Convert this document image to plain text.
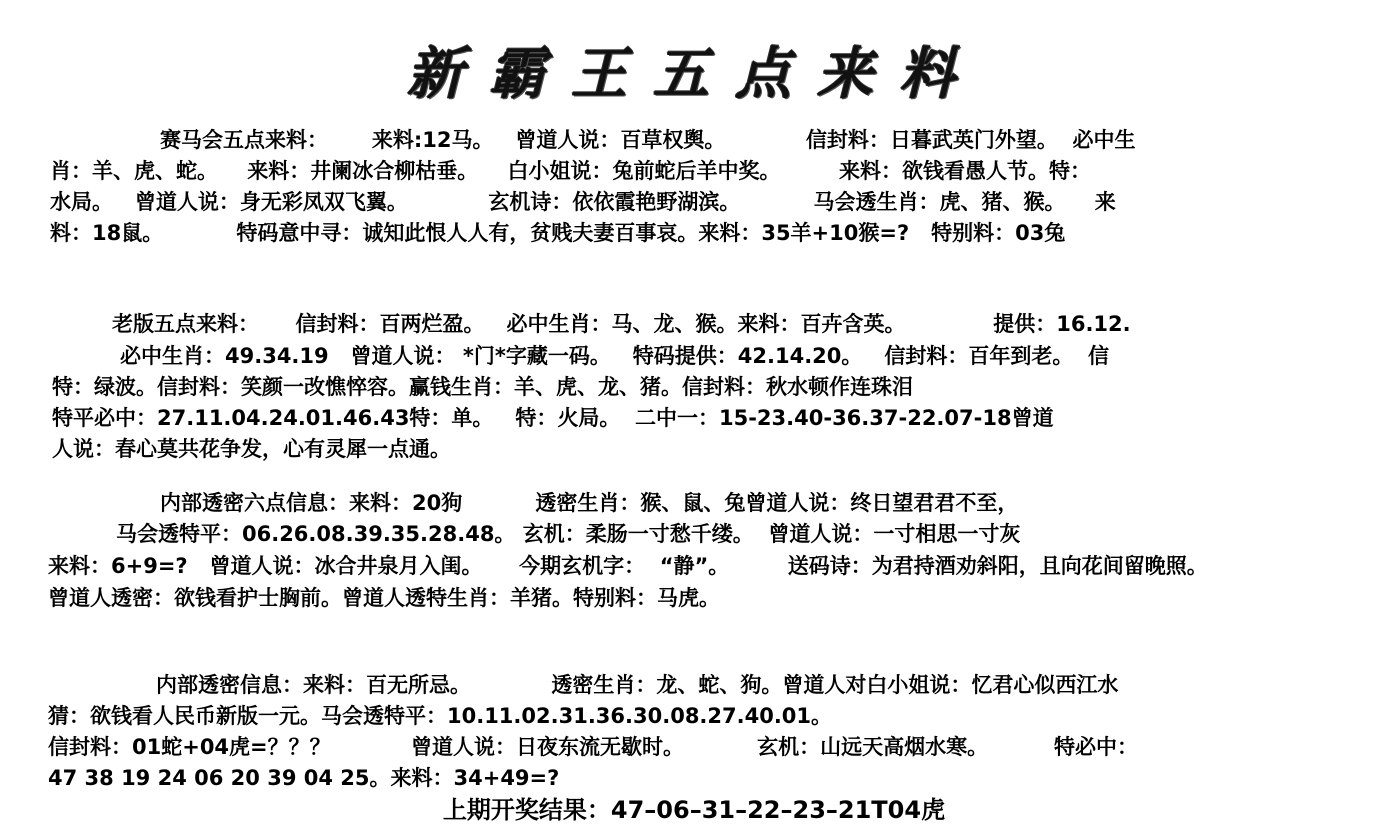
新霸王五点来料
赛马会五点来料：      来料:12马。   曾道人说：百草权舆。           信封料：日暮武英门外望。  必中生
肖：羊、虎、蛇。    来料：井阑冰合柳枯垂。    白小姐说：兔前蛇后羊中奖。        来料：欲钱看愚人节。特：
水局。   曾道人说：身无彩凤双飞翼。           玄机诗：依依霞艳野湖滨。          马会透生肖：虎、猪、猴。    来
料：18鼠。          特码意中寻：诚知此恨人人有，贫贱夫妻百事哀。来料：35羊+10猴=?   特别料：03兔
老版五点来料：     信封料：百两烂盈。   必中生肖：马、龙、猴。来料：百卉含英。            提供：16.12.
必中生肖：49.34.19   曾道人说： *门*字藏一码。   特码提供：42.14.20。   信封料：百年到老。  信
特：绿波。信封料：笑颜一改憔悴容。赢钱生肖：羊、虎、龙、猪。信封料：秋水顿作连珠泪
特平必中：27.11.04.24.01.46.43特：单。   特：火局。  二中一：15-23.40-36.37-22.07-18曾道
人说：春心莫共花争发，心有灵犀一点通。
内部透密六点信息：来料：20狗          透密生肖：猴、鼠、兔曾道人说：终日望君君不至，
马会透特平：06.26.08.39.35.28.48。 玄机：柔肠一寸愁千缕。  曾道人说：一寸相思一寸灰
来料：6+9=?   曾道人说：冰合井泉月入闺。     今期玄机字：  “静”。        送码诗：为君持酒劝斜阳，且向花间留晚照。
曾道人透密：欲钱看护士胸前。曾道人透特生肖：羊猪。特别料：马虎。
内部透密信息：来料：百无所忌。           透密生肖：龙、蛇、狗。曾道人对白小姐说：忆君心似西江水
猜：欲钱看人民币新版一元。马会透特平：10.11.02.31.36.30.08.27.40.01。
信封料：01蛇+04虎=？？？           曾道人说：日夜东流无歇时。          玄机：山远天高烟水寒。         特必中：
47 38 19 24 06 20 39 04 25。来料：34+49=?
上期开奖结果：47–06–31–22–23–21T04虎
